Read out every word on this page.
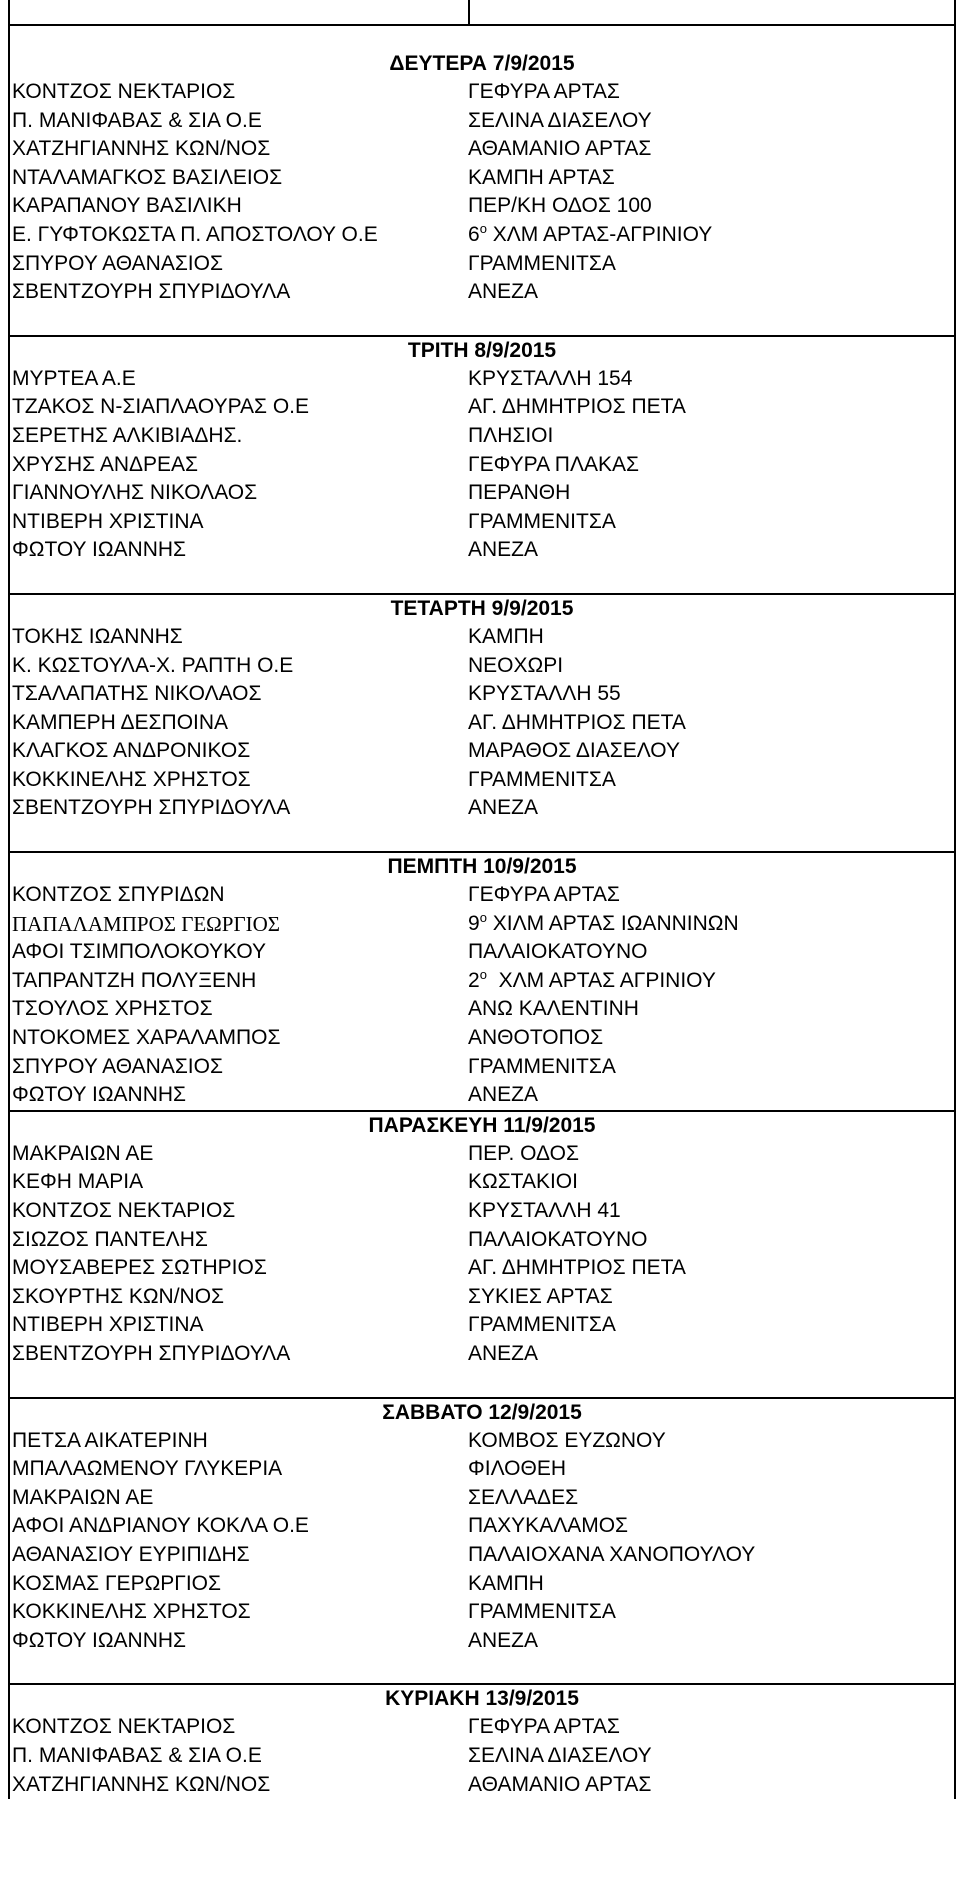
ΔΕΥΤΕΡΑ 7/9/2015
ΚΟΝΤΖΟΣ ΝΕΚΤΑΡΙΟΣ	ΓΕΦΥΡΑ ΑΡΤΑΣ
Π. ΜΑΝΙΦΑΒΑΣ & ΣΙΑ Ο.Ε	ΣΕΛΙΝΑ ΔΙΑΣΕΛΟΥ
ΧΑΤΖΗΓΙΑΝΝΗΣ ΚΩΝ/ΝΟΣ	ΑΘΑΜΑΝΙΟ ΑΡΤΑΣ
ΝΤΑΛΑΜΑΓΚΟΣ ΒΑΣΙΛΕΙΟΣ	ΚΑΜΠΗ ΑΡΤΑΣ
ΚΑΡΑΠΑΝΟΥ ΒΑΣΙΛΙΚΗ	ΠΕΡ/ΚΗ ΟΔΟΣ 100
Ε. ΓΥΦΤΟΚΩΣΤΑ Π. ΑΠΟΣΤΟΛΟΥ Ο.Ε	$6^o$ ΧΛΜ ΑΡΤΑΣ-ΑΓΡΙΝΙΟΥ
ΣΠΥΡΟΥ ΑΘΑΝΑΣΙΟΣ	ΓΡΑΜΜΕΝΙΤΣΑ
ΣΒΕΝΤΖΟΥΡΗ ΣΠΥΡΙΔΟΥΛΑ	ΑΝΕΖΑ
ΤΡΙΤΗ 8/9/2015
ΜΥΡΤΕΑ Α.Ε	ΚΡΥΣΤΑΛΛΗ 154
ΤΖΑΚΟΣ Ν-ΣΙΑΠΛΑΟΥΡΑΣ Ο.Ε	ΑΓ. ΔΗΜΗΤΡΙΟΣ ΠΕΤΑ
ΣΕΡΕΤΗΣ ΑΛΚΙΒΙΑΔΗΣ.	ΠΛΗΣΙΟΙ
ΧΡΥΣΗΣ ΑΝΔΡΕΑΣ	ΓΕΦΥΡΑ ΠΛΑΚΑΣ
ΓΙΑΝΝΟΥΛΗΣ ΝΙΚΟΛΑΟΣ	ΠΕΡΑΝΘΗ
ΝΤΙΒΕΡΗ ΧΡΙΣΤΙΝΑ	ΓΡΑΜΜΕΝΙΤΣΑ
ΦΩΤΟΥ ΙΩΑΝΝΗΣ	ΑΝΕΖΑ
ΤΕΤΑΡΤΗ 9/9/2015
ΤΟΚΗΣ ΙΩΑΝΝΗΣ	ΚΑΜΠΗ
Κ. ΚΩΣΤΟΥΛΑ-Χ. ΡΑΠΤΗ Ο.Ε	ΝΕΟΧΩΡΙ
ΤΣΑΛΑΠΑΤΗΣ ΝΙΚΟΛΑΟΣ	ΚΡΥΣΤΑΛΛΗ 55
ΚΑΜΠΕΡΗ ΔΕΣΠΟΙΝΑ	ΑΓ. ΔΗΜΗΤΡΙΟΣ ΠΕΤΑ
ΚΛΑΓΚΟΣ ΑΝΔΡΟΝΙΚΟΣ	ΜΑΡΑΘΟΣ ΔΙΑΣΕΛΟΥ
ΚΟΚΚΙΝΕΛΗΣ ΧΡΗΣΤΟΣ	ΓΡΑΜΜΕΝΙΤΣΑ
ΣΒΕΝΤΖΟΥΡΗ ΣΠΥΡΙΔΟΥΛΑ	ΑΝΕΖΑ
ΠΕΜΠΤΗ 10/9/2015
ΚΟΝΤΖΟΣ ΣΠΥΡΙΔΩΝ	ΓΕΦΥΡΑ ΑΡΤΑΣ
ΠΑΠΑΛΑΜΠΡΟΣ ΓΕΩΡΓΙΟΣ	$9^o$ ΧΙΛΜ ΑΡΤΑΣ ΙΩΑΝΝΙΝΩΝ
ΑΦΟΙ ΤΣΙΜΠΟΛΟΚΟΥΚΟΥ	ΠΑΛΑΙΟΚΑΤΟΥΝΟ
ΤΑΠΡΑΝΤΖΗ ΠΟΛΥΞΕΝΗ	$2^o$  ΧΛΜ ΑΡΤΑΣ ΑΓΡΙΝΙΟΥ
ΤΣΟΥΛΟΣ ΧΡΗΣΤΟΣ	ΑΝΩ ΚΑΛΕΝΤΙΝΗ
ΝΤΟΚΟΜΕΣ ΧΑΡΑΛΑΜΠΟΣ	ΑΝΘΟΤΟΠΟΣ
ΣΠΥΡΟΥ ΑΘΑΝΑΣΙΟΣ	ΓΡΑΜΜΕΝΙΤΣΑ
ΦΩΤΟΥ ΙΩΑΝΝΗΣ	ΑΝΕΖΑ
ΠΑΡΑΣΚΕΥΗ 11/9/2015
ΜΑΚΡΑΙΩΝ ΑΕ	ΠΕΡ. ΟΔΟΣ
ΚΕΦΗ ΜΑΡΙΑ	ΚΩΣΤΑΚΙΟΙ
ΚΟΝΤΖΟΣ ΝΕΚΤΑΡΙΟΣ	ΚΡΥΣΤΑΛΛΗ 41
ΣΙΩΖΟΣ ΠΑΝΤΕΛΗΣ	ΠΑΛΑΙΟΚΑΤΟΥΝΟ
ΜΟΥΣΑΒΕΡΕΣ ΣΩΤΗΡΙΟΣ	ΑΓ. ΔΗΜΗΤΡΙΟΣ ΠΕΤΑ
ΣΚΟΥΡΤΗΣ ΚΩΝ/ΝΟΣ	ΣΥΚΙΕΣ ΑΡΤΑΣ
ΝΤΙΒΕΡΗ ΧΡΙΣΤΙΝΑ	ΓΡΑΜΜΕΝΙΤΣΑ
ΣΒΕΝΤΖΟΥΡΗ ΣΠΥΡΙΔΟΥΛΑ	ΑΝΕΖΑ
ΣΑΒΒΑΤΟ 12/9/2015
ΠΕΤΣΑ ΑΙΚΑΤΕΡΙΝΗ	ΚΟΜΒΟΣ ΕΥΖΩΝΟΥ
ΜΠΑΛΑΩΜΕΝΟΥ ΓΛΥΚΕΡΙΑ	ΦΙΛΟΘΕΗ
ΜΑΚΡΑΙΩΝ ΑΕ	ΣΕΛΛΑΔΕΣ
ΑΦΟΙ ΑΝΔΡΙΑΝΟΥ ΚΟΚΛΑ Ο.Ε	ΠΑΧΥΚΑΛΑΜΟΣ
ΑΘΑΝΑΣΙΟΥ ΕΥΡΙΠΙΔΗΣ	ΠΑΛΑΙΟΧΑΝΑ ΧΑΝΟΠΟΥΛΟΥ
ΚΟΣΜΑΣ ΓΕΡΩΡΓΙΟΣ	ΚΑΜΠΗ
ΚΟΚΚΙΝΕΛΗΣ ΧΡΗΣΤΟΣ	ΓΡΑΜΜΕΝΙΤΣΑ
ΦΩΤΟΥ ΙΩΑΝΝΗΣ	ΑΝΕΖΑ
ΚΥΡΙΑΚΗ 13/9/2015
ΚΟΝΤΖΟΣ ΝΕΚΤΑΡΙΟΣ	ΓΕΦΥΡΑ ΑΡΤΑΣ
Π. ΜΑΝΙΦΑΒΑΣ & ΣΙΑ Ο.Ε	ΣΕΛΙΝΑ ΔΙΑΣΕΛΟΥ
ΧΑΤΖΗΓΙΑΝΝΗΣ ΚΩΝ/ΝΟΣ	ΑΘΑΜΑΝΙΟ ΑΡΤΑΣ
